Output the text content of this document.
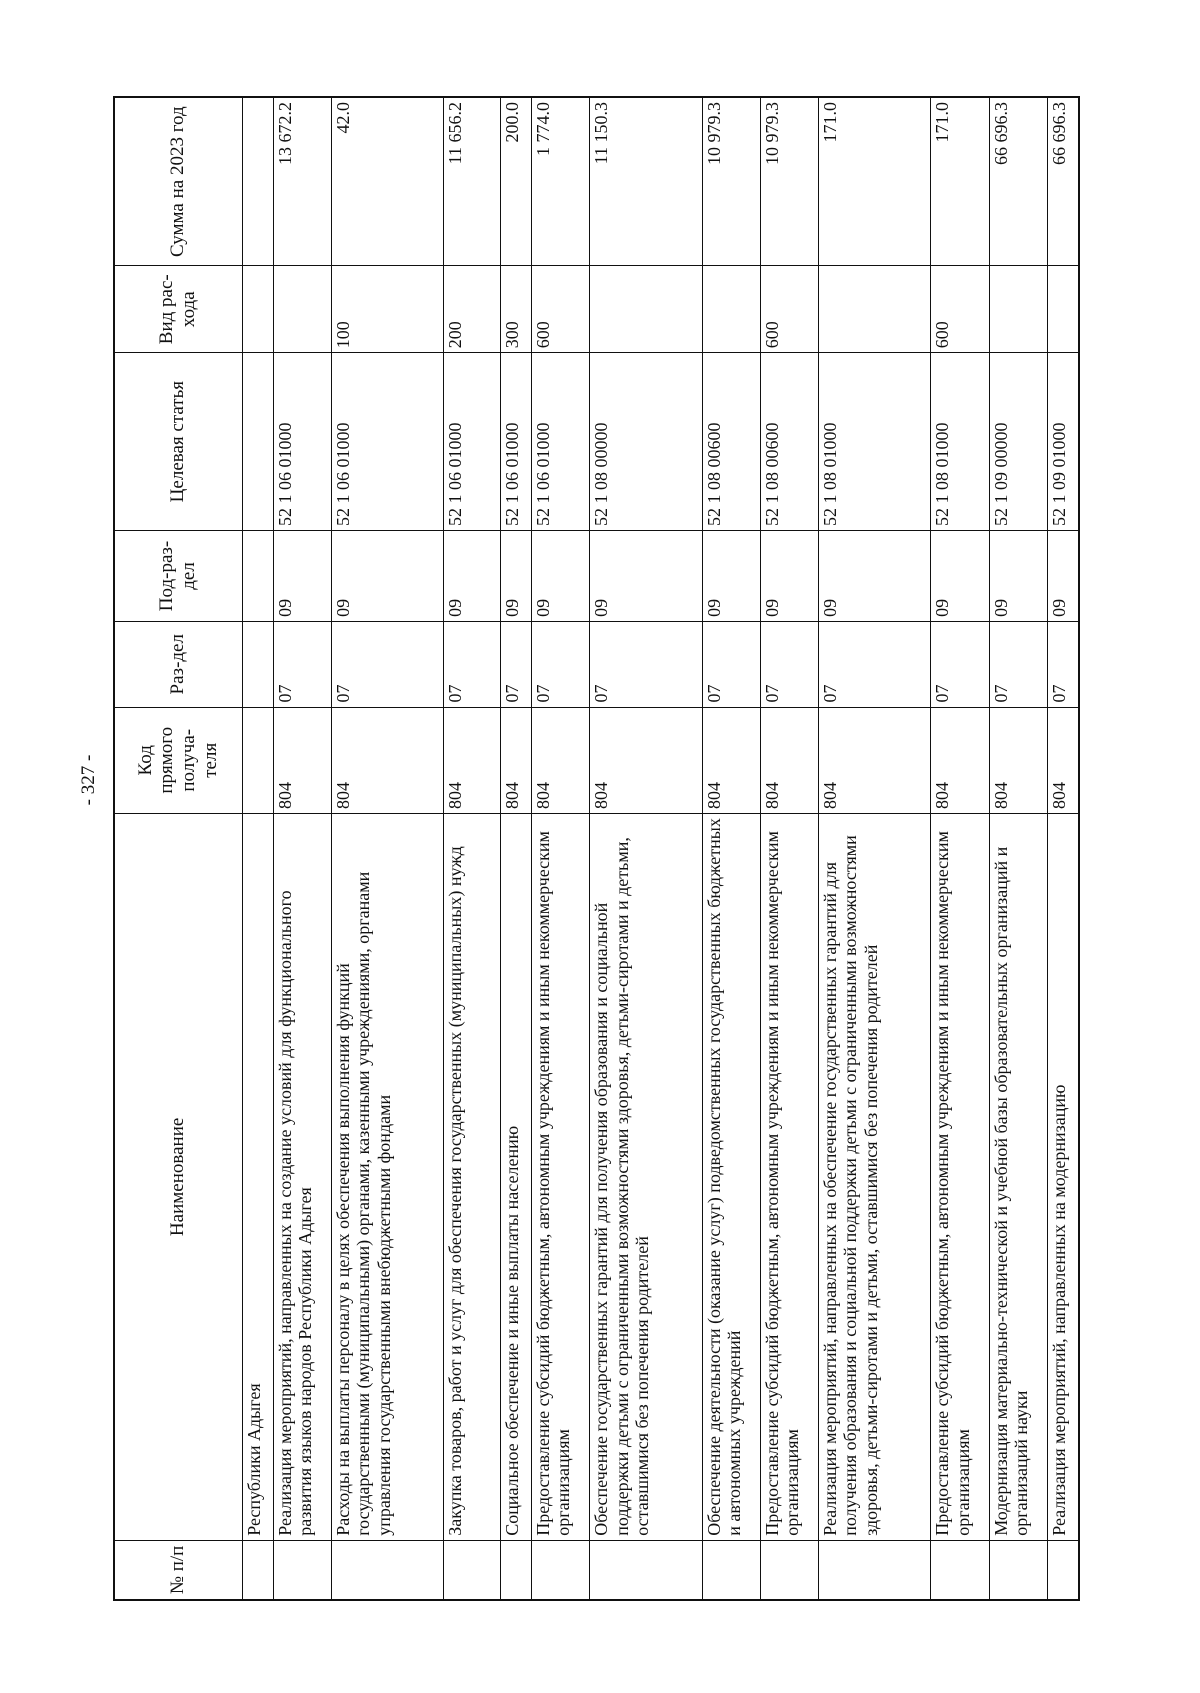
- 327 -
№ п/п	Наименование	Код прямого получа-теля	Раз-дел	Под-раз-дел	Целевая статья	Вид рас-хода	Сумма на 2023 год
	Республики Адыгея						
	Реализация мероприятий, направленных на создание условий для функционального развития языков народов Республики Адыгея	804	07	09	52 1 06 01000		13 672.2
	Расходы на выплаты персоналу в целях обеспечения выполнения функций государственными (муниципальными) органами, казенными учреждениями, органами управления государственными внебюджетными фондами	804	07	09	52 1 06 01000	100	42.0
	Закупка товаров, работ и услуг для обеспечения государственных (муниципальных) нужд	804	07	09	52 1 06 01000	200	11 656.2
	Социальное обеспечение и иные выплаты населению	804	07	09	52 1 06 01000	300	200.0
	Предоставление субсидий бюджетным, автономным учреждениям и иным некоммерческим организациям	804	07	09	52 1 06 01000	600	1 774.0
	Обеспечение государственных гарантий для получения образования и социальной поддержки детьми с ограниченными возможностями здоровья, детьми-сиротами и детьми, оставшимися без попечения родителей	804	07	09	52 1 08 00000		11 150.3
	Обеспечение деятельности (оказание услуг) подведомственных государственных бюджетных и автономных учреждений	804	07	09	52 1 08 00600		10 979.3
	Предоставление субсидий бюджетным, автономным учреждениям и иным некоммерческим организациям	804	07	09	52 1 08 00600	600	10 979.3
	Реализация мероприятий, направленных на обеспечение государственных гарантий для получения образования и социальной поддержки детьми с ограниченными возможностями здоровья, детьми-сиротами и детьми, оставшимися без попечения родителей	804	07	09	52 1 08 01000		171.0
	Предоставление субсидий бюджетным, автономным учреждениям и иным некоммерческим организациям	804	07	09	52 1 08 01000	600	171.0
	Модернизация материально-технической и учебной базы образовательных организаций и организаций науки	804	07	09	52 1 09 00000		66 696.3
	Реализация мероприятий, направленных на модернизацию	804	07	09	52 1 09 01000		66 696.3
